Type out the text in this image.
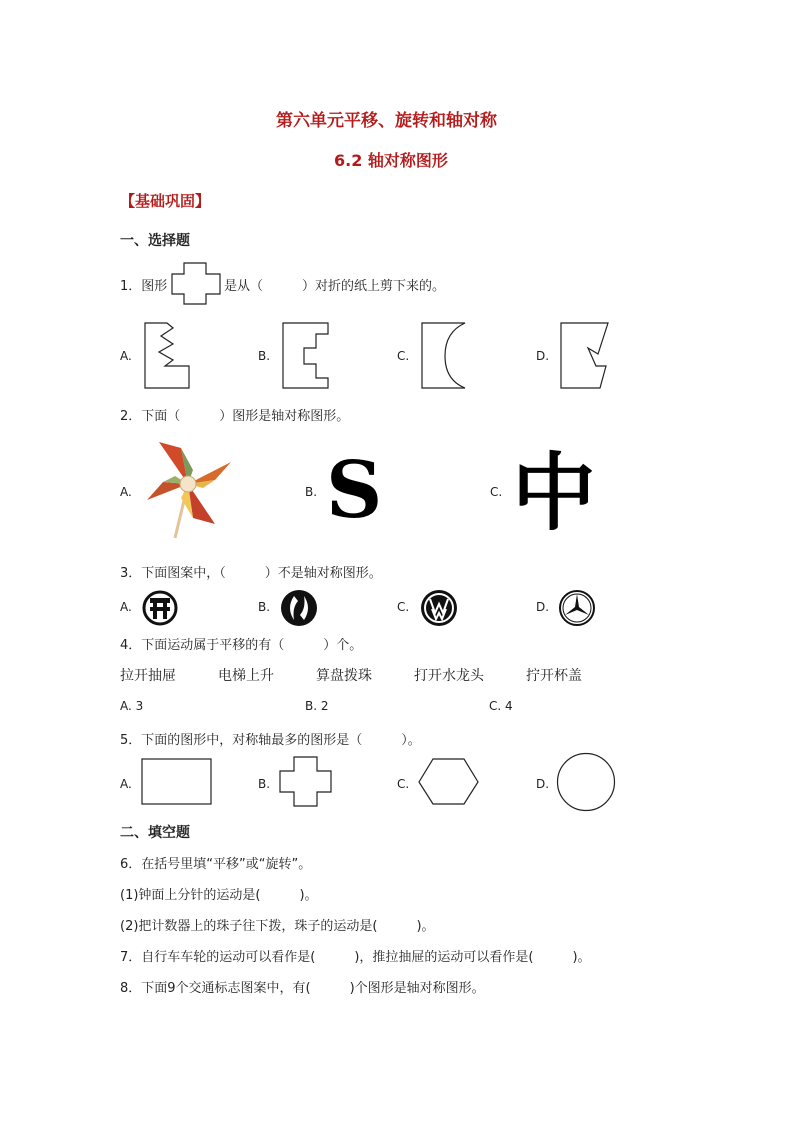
第六单元平移、旋转和轴对称
6.2 轴对称图形
【基础巩固】
一、选择题
1．图形	是从（　　　）对折的纸上剪下来的。
A.	B.	C.	D.
2．下面（　　　）图形是轴对称图形。
A.	B. S	C. 中
3．下面图案中，（　　　）不是轴对称图形。
A.	B.	C.	D.
4．下面运动属于平移的有（　　　）个。
拉开抽屉	电梯上升	算盘拨珠	打开水龙头	拧开杯盖
A. 3	B. 2	C. 4
5．下面的图形中，对称轴最多的图形是（　　　）。
A.	B.	C.	D.
二、填空题
6．在括号里填“平移”或“旋转”。
(1)钟面上分针的运动是(　　　)。
(2)把计数器上的珠子往下拨，珠子的运动是(　　　)。
7．自行车车轮的运动可以看作是(　　　)，推拉抽屉的运动可以看作是(　　　)。
8．下面9个交通标志图案中，有(　　　)个图形是轴对称图形。
